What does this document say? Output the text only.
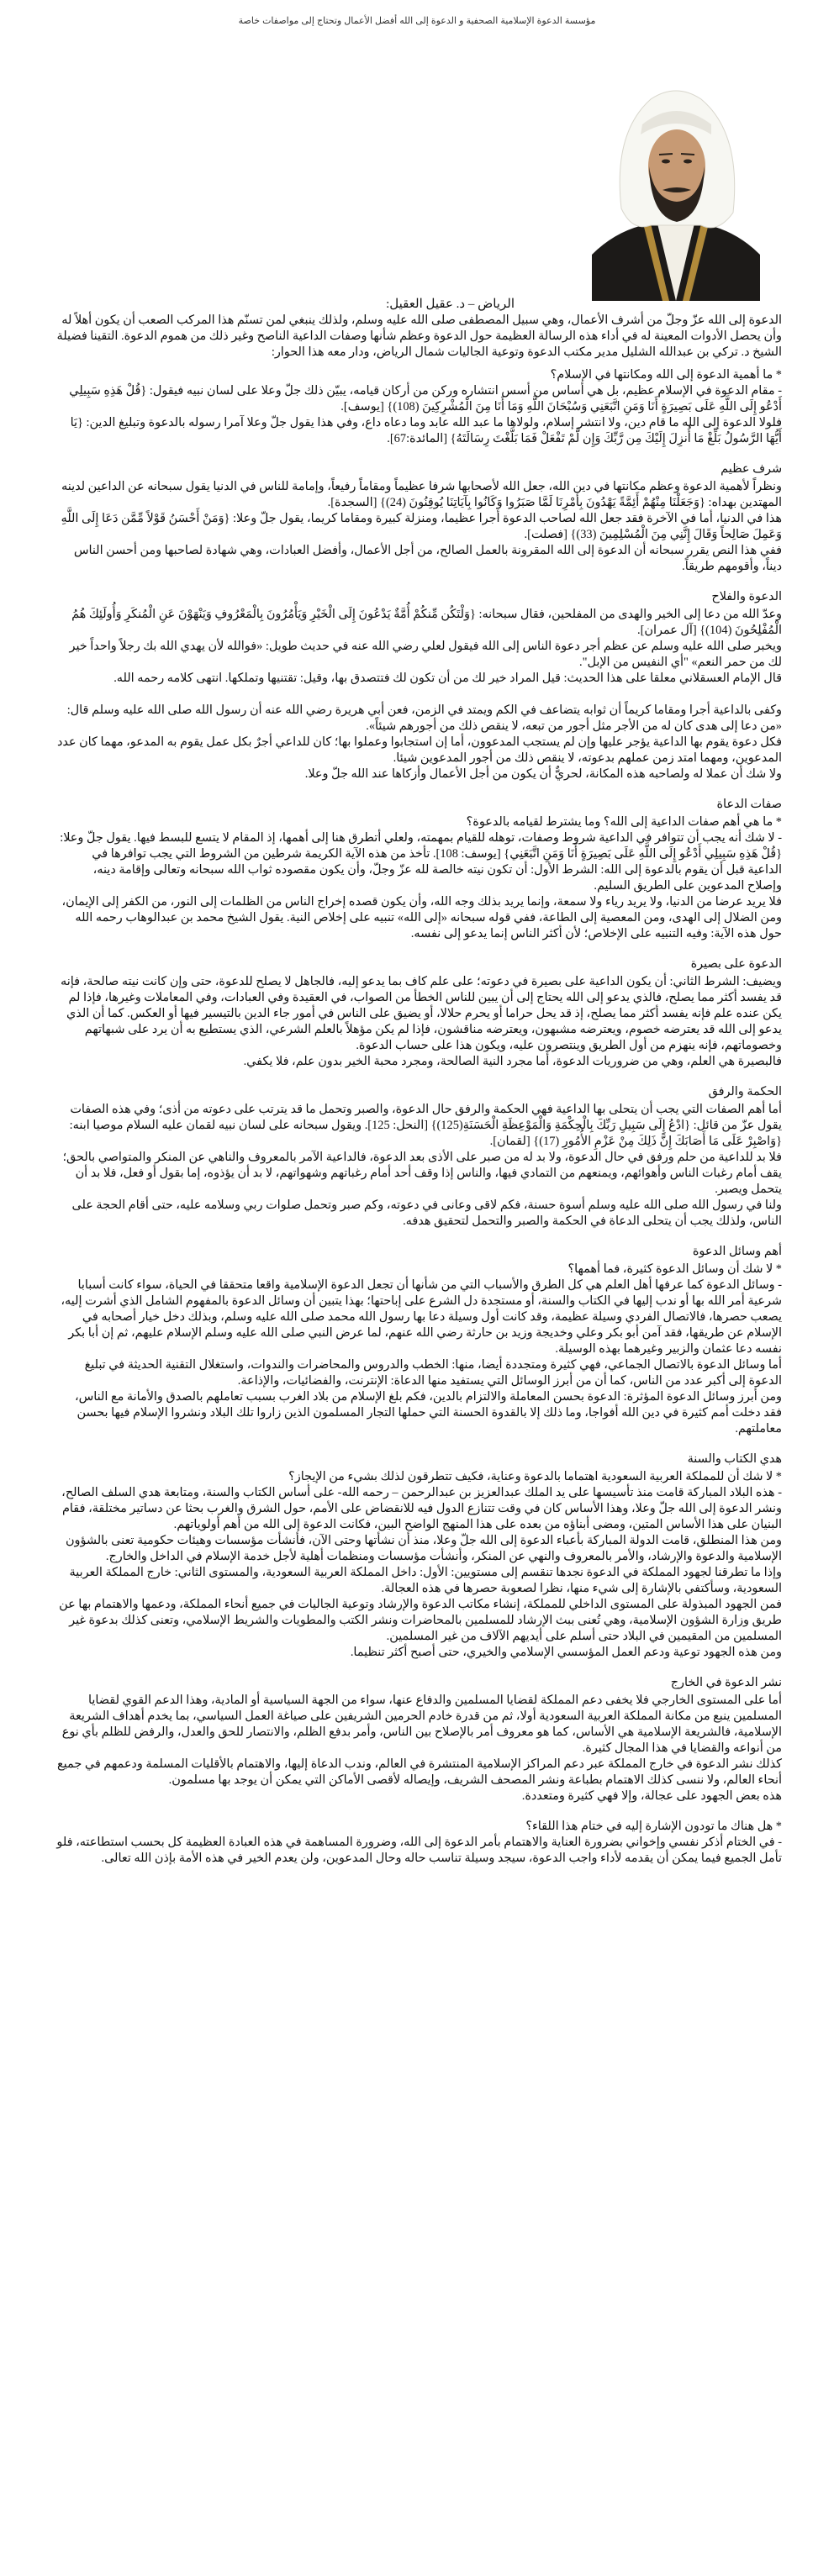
مؤسسة الدعوة الإسلامية الصحفية و الدعوة إلى الله أفضل الأعمال وتحتاج إلى مواصفات خاصة
الرياض – د. عقيل العقيل:

الدعوة إلى الله عزّ وجلّ من أشرف الأعمال، وهي سبيل المصطفى صلى الله عليه وسلم، ولذلك ينبغي لمن تسنّم هذا المركب الصعب أن يكون أهلاً له وأن يحصل الأدوات المعينة له في أداء هذه الرسالة العظيمة حول الدعوة وعظم شأنها وصفات الداعية الناصح وغير ذلك من هموم الدعوة. التقينا فضيلة الشيخ د. تركي بن عبدالله الشليل مدير مكتب الدعوة وتوعية الجاليات شمال الرياض، ودار معه هذا الحوار:

* ما أهمية الدعوة إلى الله ومكانتها في الإسلام؟

- مقام الدعوة في الإسلام عظيم، بل هي أساس من أسس انتشاره وركن من أركان قيامه، يبيّن ذلك جلّ وعلا على لسان نبيه فيقول: {قُلْ هَذِهِ سَبِيلِي أَدْعُو إِلَى اللَّهِ عَلَى بَصِيرَةٍ أَنَا وَمَنِ اتَّبَعَنِي وَسُبْحَانَ اللَّهِ وَمَا أَنَا مِنَ الْمُشْرِكِينَ (108)} [يوسف].

فلولا الدعوة إلى الله ما قام دين، ولا انتشر إسلام، ولولاها ما عبد الله عابد وما دعاه داع، وفي هذا يقول جلّ وعلا آمرا رسوله بالدعوة وتبليغ الدين: {يَا أَيُّهَا الرَّسُولُ بَلِّغْ مَا أُنزِلَ إِلَيْكَ مِن رَّبِّكَ وَإِن لَّمْ تَفْعَلْ فَمَا بَلَّغْتَ رِسَالَتَهُ} [المائدة:67].

شرف عظيم

ونظراً لأهمية الدعوة وعظم مكانتها في دين الله، جعل الله لأصحابها شرفا عظيماً ومقاماً رفيعاً، وإمامة للناس في الدنيا يقول سبحانه عن الداعين لدينه المهتدين بهداه: {وَجَعَلْنَا مِنْهُمْ أَئِمَّةً يَهْدُونَ بِأَمْرِنَا لَمَّا صَبَرُوا وَكَانُوا بِآيَاتِنَا يُوقِنُونَ (24)} [السجدة].

هذا في الدنيا، أما في الآخرة فقد جعل الله لصاحب الدعوة أجرا عظيما، ومنزلة كبيرة ومقاما كريما، يقول جلّ وعلا: {وَمَنْ أَحْسَنُ قَوْلاً مِّمَّن دَعَا إِلَى اللَّهِ وَعَمِلَ صَالِحاً وَقَالَ إِنَّنِي مِنَ الْمُسْلِمِينَ (33)} [فصلت].

ففي هذا النص يقرر سبحانه أن الدعوة إلى الله المقرونة بالعمل الصالح، من أجل الأعمال، وأفضل العبادات، وهي شهادة لصاحبها ومن أحسن الناس ديناً، وأقومهم طريقاً.

الدعوة والفلاح

وعدّ الله من دعا إلى الخير والهدى من المفلحين، فقال سبحانه: {وَلْتَكُن مِّنكُمْ أُمَّةٌ يَدْعُونَ إِلَى الْخَيْرِ وَيَأْمُرُونَ بِالْمَعْرُوفِ وَيَنْهَوْنَ عَنِ الْمُنكَرِ وَأُولَئِكَ هُمُ الْمُفْلِحُونَ (104)} [آل عمران].

ويخبر صلى الله عليه وسلم عن عظم أجر دعوة الناس إلى الله فيقول لعلي رضي الله عنه في حديث طويل: «فوالله لأن يهدي الله بك رجلاً واحداً خير لك من حمر النعم» "أي النفيس من الإبل".

قال الإمام العسقلاني معلقا على هذا الحديث: قيل المراد خير لك من أن تكون لك فتتصدق بها، وقيل: تقتنيها وتملكها. انتهى كلامه رحمه الله.

وكفى بالداعية أجرا ومقاما كريماً أن ثوابه يتضاعف في الكم ويمتد في الزمن، فعن أبي هريرة رضي الله عنه أن رسول الله صلى الله عليه وسلم قال: «من دعا إلى هدى كان له من الأجر مثل أجور من تبعه، لا ينقص ذلك من أجورهم شيئاً».

فكل دعوة يقوم بها الداعية يؤجر عليها وإن لم يستجب المدعوون، أما إن استجابوا وعملوا بها؛ كان للداعي أجرٌ بكل عمل يقوم به المدعو، مهما كان عدد المدعوين، ومهما امتد زمن عملهم بدعوته، لا ينقص ذلك من أجور المدعوين شيئا.

ولا شك أن عملا له ولصاحبه هذه المكانة، لحريٌّ أن يكون من أجل الأعمال وأزكاها عند الله جلّ وعلا.

صفات الدعاة

* ما هي أهم صفات الداعية إلى الله؟ وما يشترط لقيامه بالدعوة؟

- لا شك أنه يجب أن تتوافر في الداعية شروط وصفات، توهله للقيام بمهمته، ولعلي أتطرق هنا إلى أهمها، إذ المقام لا يتسع للبسط فيها. يقول جلّ وعلا: {قُلْ هَذِهِ سَبِيلِي أَدْعُو إِلَى اللَّهِ عَلَى بَصِيرَةٍ أَنَا وَمَنِ اتَّبَعَنِي} [يوسف: 108]. تأخذ من هذه الآية الكريمة شرطين من الشروط التي يجب توافرها في الداعية قبل أن يقوم بالدعوة إلى الله: الشرط الأول: أن تكون نيته خالصة لله عزّ وجلّ، وأن يكون مقصوده ثواب الله سبحانه وتعالى وإقامة دينه، وإصلاح المدعوين على الطريق السليم.

فلا يريد عرضا من الدنيا، ولا يريد رياء ولا سمعة، وإنما يريد بذلك وجه الله، وأن يكون قصده إخراج الناس من الظلمات إلى النور، من الكفر إلى الإيمان، ومن الضلال إلى الهدى، ومن المعصية إلى الطاعة، ففي قوله سبحانه «إلى الله» تنبيه على إخلاص النية. يقول الشيخ محمد بن عبدالوهاب رحمه الله حول هذه الآية: وفيه التنبيه على الإخلاص؛ لأن أكثر الناس إنما يدعو إلى نفسه.

الدعوة على بصيرة

ويضيف: الشرط الثاني: أن يكون الداعية على بصيرة في دعوته؛ على علم كاف بما يدعو إليه، فالجاهل لا يصلح للدعوة، حتى وإن كانت نيته صالحة، فإنه قد يفسد أكثر مما يصلح، فالذي يدعو إلى الله يحتاج إلى أن يبين للناس الخطأ من الصواب، في العقيدة وفي العبادات، وفي المعاملات وغيرها، فإذا لم يكن عنده علم فإنه يفسد أكثر مما يصلح، إذ قد يحل حراما أو يحرم حلالا، أو يضيق على الناس في أمور جاء الدين بالتيسير فيها أو العكس. كما أن الذي يدعو إلى الله قد يعترضه خصوم، ويعترضه مشبهون، ويعترضه مناقشون، فإذا لم يكن مؤهلاً بالعلم الشرعي، الذي يستطيع به أن يرد على شبهاتهم وخصوماتهم، فإنه ينهزم من أول الطريق وينتصرون عليه، ويكون هذا على حساب الدعوة.

فالبصيرة هي العلم، وهي من ضروريات الدعوة، أما مجرد النية الصالحة، ومجرد محبة الخير بدون علم، فلا يكفي.

الحكمة والرفق

أما أهم الصفات التي يجب أن يتحلى بها الداعية فهي الحكمة والرفق حال الدعوة، والصبر وتحمل ما قد يترتب على دعوته من أذى؛ وفي هذه الصفات يقول عزّ من قائل: {ادْعُ إِلَى سَبِيلِ رَبِّكَ بِالْحِكْمَةِ وَالْمَوْعِظَةِ الْحَسَنَةِ(125)} [النحل: 125]. ويقول سبحانه على لسان نبيه لقمان عليه السلام موصيا ابنه: {وَاصْبِرْ عَلَى مَا أَصَابَكَ إِنَّ ذَلِكَ مِنْ عَزْمِ الأُمُورِ (17)} [لقمان].

فلا بد للداعية من حلم ورفق في حال الدعوة، ولا بد له من صبر على الأذى بعد الدعوة، فالداعية الآمر بالمعروف والناهي عن المنكر والمتواصي بالحق؛ يقف أمام رغبات الناس وأهوائهم، ويمنعهم من التمادي فيها، والناس إذا وقف أحد أمام رغباتهم وشهواتهم، لا بد أن يؤذوه، إما بقول أو فعل، فلا بد أن يتحمل ويصبر.

ولنا في رسول الله صلى الله عليه وسلم أسوة حسنة، فكم لاقى وعانى في دعوته، وكم صبر وتحمل صلوات ربي وسلامه عليه، حتى أقام الحجة على الناس، ولذلك يجب أن يتحلى الدعاة في الحكمة والصبر والتحمل لتحقيق هدفه.

أهم وسائل الدعوة

* لا شك أن وسائل الدعوة كثيرة، فما أهمها؟

- وسائل الدعوة كما عرفها أهل العلم هي كل الطرق والأسباب التي من شأنها أن تجعل الدعوة الإسلامية واقعا متحققا في الحياة، سواء كانت أسبابا شرعية أمر الله بها أو ندب إليها في الكتاب والسنة، أو مستجدة دل الشرع على إباحتها؛ بهذا يتبين أن وسائل الدعوة بالمفهوم الشامل الذي أشرت إليه، يصعب حصرها، فالاتصال الفردي وسيلة عظيمة، وقد كانت أول وسيلة دعا بها رسول الله محمد صلى الله عليه وسلم، وبذلك دخل خيار أصحابه في الإسلام عن طريقها، فقد آمن أبو بكر وعلي وخديجة وزيد بن حارثة رضي الله عنهم، لما عرض النبي صلى الله عليه وسلم الإسلام عليهم، ثم إن أبا بكر نفسه دعا عثمان والزبير وغيرهما بهذه الوسيلة.

أما وسائل الدعوة بالاتصال الجماعي، فهي كثيرة ومتجددة أيضا، منها: الخطب والدروس والمحاضرات والندوات، واستغلال التقنية الحديثة في تبليغ الدعوة إلى أكبر عدد من الناس، كما أن من أبرز الوسائل التي يستفيد منها الدعاة: الإنترنت، والفضائيات، والإذاعة.

ومن أبرز وسائل الدعوة المؤثرة: الدعوة بحسن المعاملة والالتزام بالدين، فكم بلغ الإسلام من بلاد الغرب بسبب تعاملهم بالصدق والأمانة مع الناس، فقد دخلت أمم كثيرة في دين الله أفواجا، وما ذلك إلا بالقدوة الحسنة التي حملها التجار المسلمون الذين زاروا تلك البلاد ونشروا الإسلام فيها بحسن معاملتهم.

هدي الكتاب والسنة

* لا شك أن للمملكة العربية السعودية اهتماما بالدعوة وعناية، فكيف تتطرقون لذلك بشيء من الإيجاز؟

- هذه البلاد المباركة قامت منذ تأسيسها على يد الملك عبدالعزيز بن عبدالرحمن – رحمه الله- على أساس الكتاب والسنة، ومتابعة هدي السلف الصالح، ونشر الدعوة إلى الله جلّ وعلا، وهذا الأساس كان في وقت تتنازع الدول فيه للانقضاض على الأمم، حول الشرق والغرب بحثا عن دساتير مختلقة، فقام البنيان على هذا الأساس المتين، ومضى أبناؤه من بعده على هذا المنهج الواضح البين، فكانت الدعوة إلى الله من أهم أولوياتهم.

ومن هذا المنطلق، قامت الدولة المباركة بأعباء الدعوة إلى الله جلّ وعلا، منذ أن نشأتها وحتى الآن، فأنشأت مؤسسات وهيئات حكومية تعنى بالشؤون الإسلامية والدعوة والإرشاد، والأمر بالمعروف والنهي عن المنكر، وأنشأت مؤسسات ومنظمات أهلية لأجل خدمة الإسلام في الداخل والخارج.

وإذا ما تطرقنا لجهود المملكة في الدعوة نجدها تنقسم إلى مستويين: الأول: داخل المملكة العربية السعودية، والمستوى الثاني: خارج المملكة العربية السعودية، وسأكتفي بالإشارة إلى شيء منها، نظرا لصعوبة حصرها في هذه العجالة.

فمن الجهود المبذولة على المستوى الداخلي للمملكة، إنشاء مكاتب الدعوة والإرشاد وتوعية الجاليات في جميع أنحاء المملكة، ودعمها والاهتمام بها عن طريق وزارة الشؤون الإسلامية، وهي تُعنى ببث الإرشاد للمسلمين بالمحاضرات ونشر الكتب والمطويات والشريط الإسلامي، وتعنى كذلك بدعوة غير المسلمين من المقيمين في البلاد حتى أسلم على أيديهم الآلاف من غير المسلمين.

ومن هذه الجهود توعية ودعم العمل المؤسسي الإسلامي والخيري، حتى أصبح أكثر تنظيما.

نشر الدعوة في الخارج

أما على المستوى الخارجي فلا يخفى دعم المملكة لقضايا المسلمين والدفاع عنها، سواء من الجهة السياسية أو المادية، وهذا الدعم القوي لقضايا المسلمين ينبع من مكانة المملكة العربية السعودية أولا، ثم من قدرة خادم الحرمين الشريفين على صياغة العمل السياسي، بما يخدم أهداف الشريعة الإسلامية، فالشريعة الإسلامية هي الأساس، كما هو معروف أمر بالإصلاح بين الناس، وأمر بدفع الظلم، والانتصار للحق والعدل، والرفض للظلم بأي نوع من أنواعه والقضايا في هذا المجال كثيرة.

كذلك نشر الدعوة في خارج المملكة عبر دعم المراكز الإسلامية المنتشرة في العالم، وندب الدعاة إليها، والاهتمام بالأقليات المسلمة ودعمهم في جميع أنحاء العالم، ولا ننسى كذلك الاهتمام بطباعة ونشر المصحف الشريف، وإيصاله لأقصى الأماكن التي يمكن أن يوجد بها مسلمون.

هذه بعض الجهود على عجالة، وإلا فهي كثيرة ومتعددة.

* هل هناك ما تودون الإشارة إليه في ختام هذا اللقاء؟

- في الختام أذكر نفسي وإخواني بضرورة العناية والاهتمام بأمر الدعوة إلى الله، وضرورة المساهمة في هذه العبادة العظيمة كل بحسب استطاعته، فلو تأمل الجميع فيما يمكن أن يقدمه لأداء واجب الدعوة، سيجد وسيلة تناسب حاله وحال المدعوين، ولن يعدم الخير في هذه الأمة بإذن الله تعالى.
